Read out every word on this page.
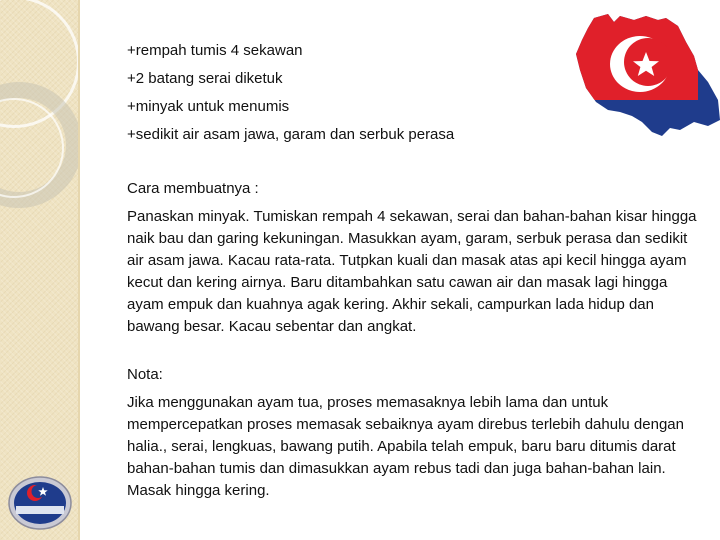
+rempah tumis 4 sekawan
+2 batang serai diketuk
+minyak untuk menumis
+sedikit air asam jawa, garam dan serbuk perasa
Cara membuatnya :

Panaskan minyak. Tumiskan rempah 4 sekawan, serai dan bahan-bahan kisar hingga naik bau dan garing kekuningan. Masukkan ayam, garam, serbuk perasa dan sedikit air asam jawa. Kacau rata-rata. Tutpkan kuali dan masak atas api kecil hingga ayam kecut dan kering airnya. Baru ditambahkan satu cawan air dan masak lagi hingga ayam empuk dan kuahnya agak kering. Akhir sekali, campurkan lada hidup dan bawang besar. Kacau sebentar dan angkat.

Nota:

Jika menggunakan ayam tua, proses memasaknya lebih lama dan untuk mempercepatkan proses memasak sebaiknya ayam direbus terlebih dahulu dengan halia., serai, lengkuas, bawang putih. Apabila telah empuk, baru baru ditumis darat bahan-bahan tumis dan dimasukkan ayam rebus tadi dan juga bahan-bahan lain. Masak hingga kering.
